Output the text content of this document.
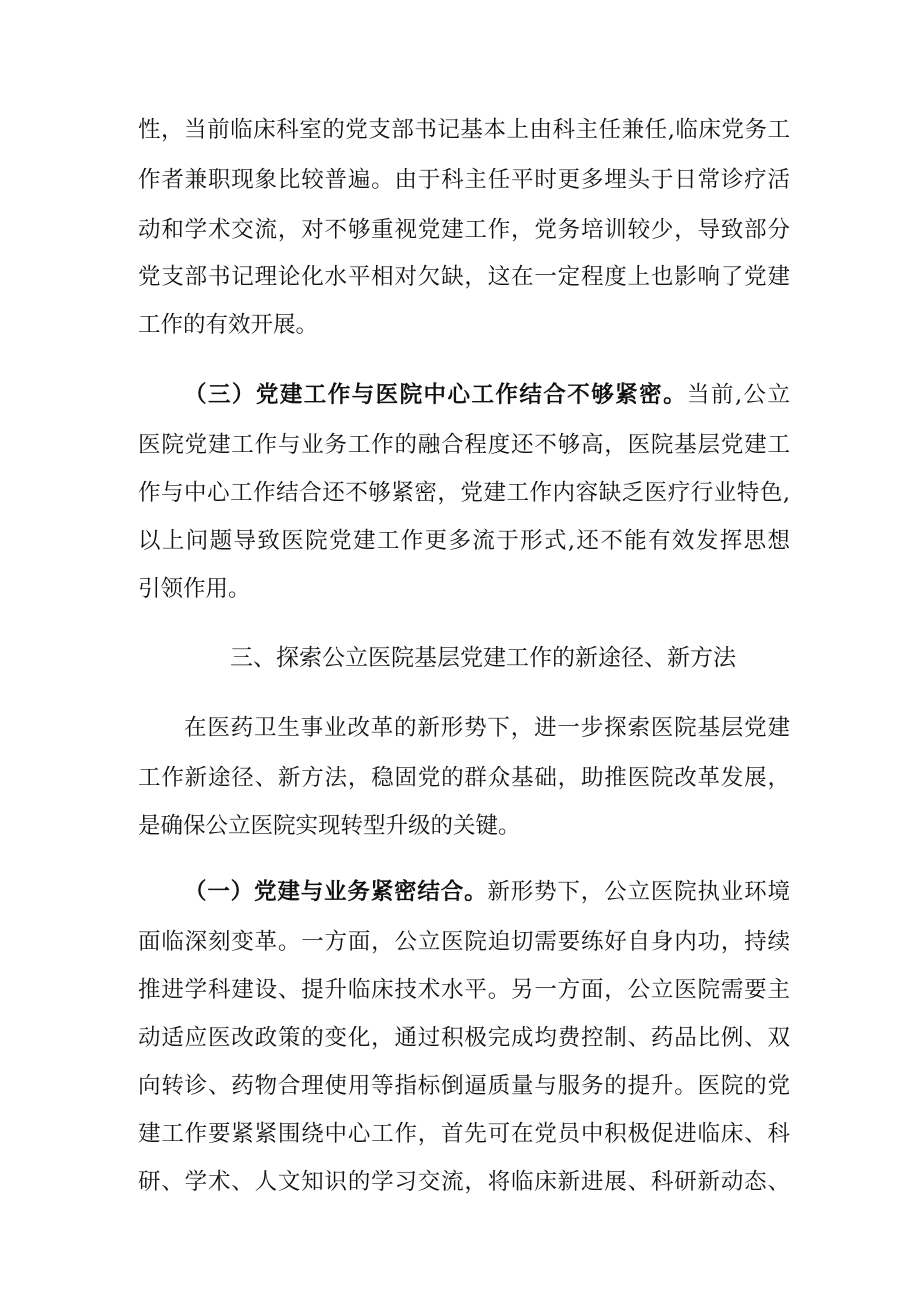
性，当前临床科室的党支部书记基本上由科主任兼任,临床党务工
作者兼职现象比较普遍。由于科主任平时更多埋头于日常诊疗活
动和学术交流，对不够重视党建工作，党务培训较少，导致部分
党支部书记理论化水平相对欠缺，这在一定程度上也影响了党建
工作的有效开展。
（三）党建工作与医院中心工作结合不够紧密。当前,公立
医院党建工作与业务工作的融合程度还不够高，医院基层党建工
作与中心工作结合还不够紧密，党建工作内容缺乏医疗行业特色,
以上问题导致医院党建工作更多流于形式,还不能有效发挥思想
引领作用。
三、探索公立医院基层党建工作的新途径、新方法
在医药卫生事业改革的新形势下，进一步探索医院基层党建
工作新途径、新方法，稳固党的群众基础，助推医院改革发展，
是确保公立医院实现转型升级的关键。
（一）党建与业务紧密结合。新形势下，公立医院执业环境
面临深刻变革。一方面，公立医院迫切需要练好自身内功，持续
推进学科建设、提升临床技术水平。另一方面，公立医院需要主
动适应医改政策的变化，通过积极完成均费控制、药品比例、双
向转诊、药物合理使用等指标倒逼质量与服务的提升。医院的党
建工作要紧紧围绕中心工作，首先可在党员中积极促进临床、科
研、学术、人文知识的学习交流，将临床新进展、科研新动态、
